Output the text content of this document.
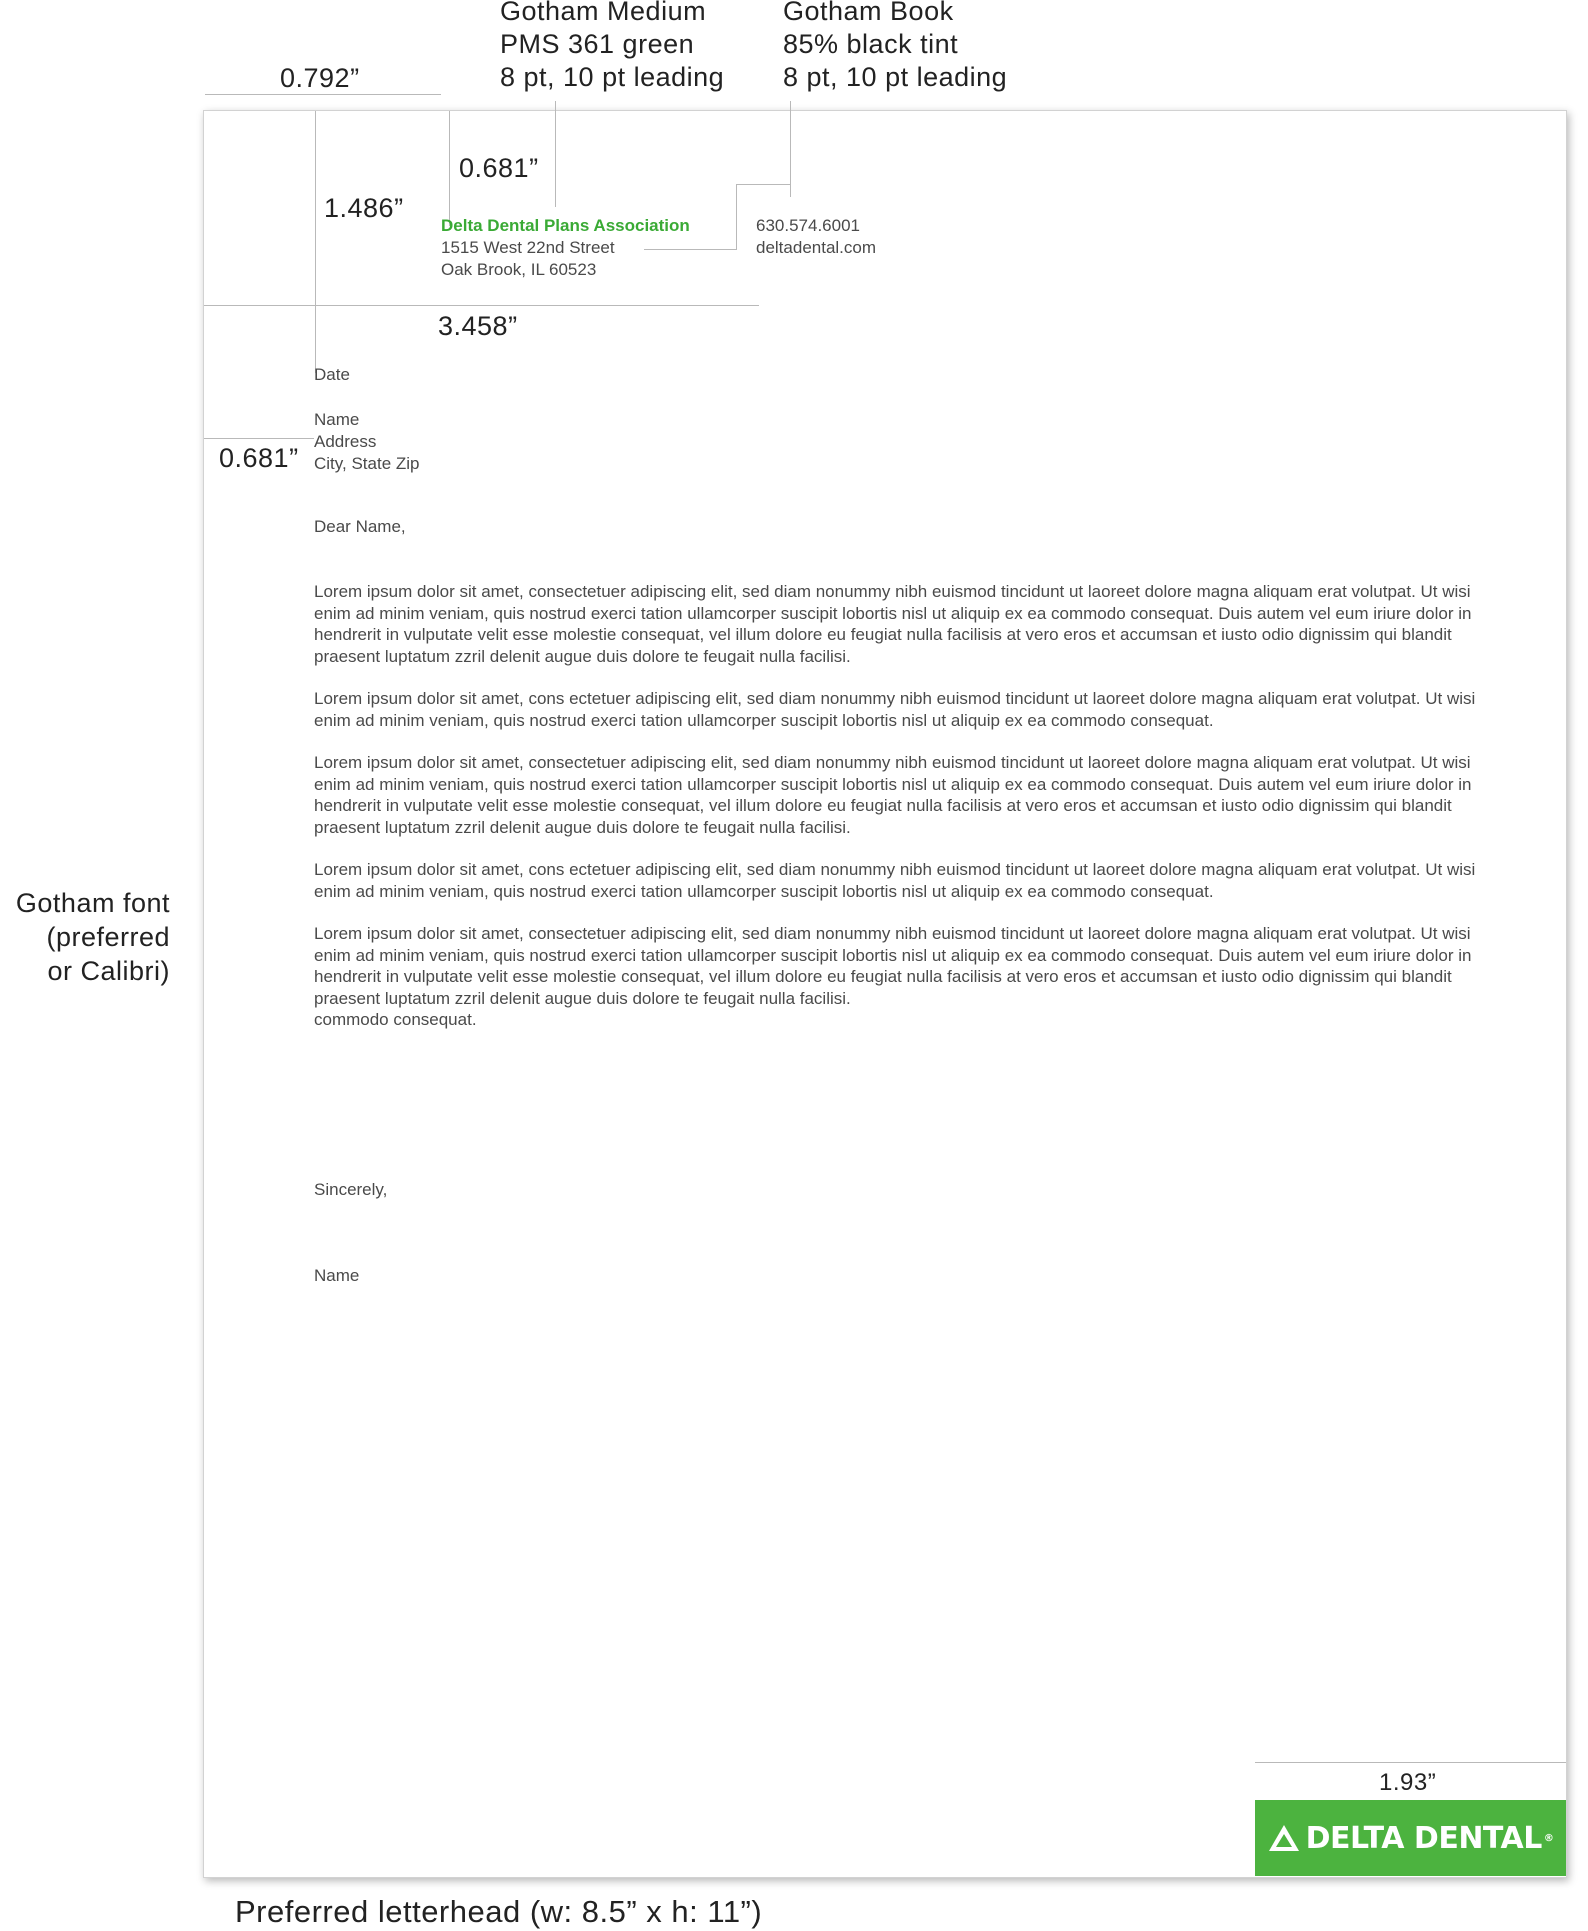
Gotham Medium
PMS 361 green
8 pt, 10 pt leading
Gotham Book
85% black tint
8 pt, 10 pt leading
0.792”
Gotham font
(preferred
or Calibri)
0.681”
1.486”
3.458”
0.681”
Delta Dental Plans Association
1515 West 22nd Street
Oak Brook, IL 60523
630.574.6001
deltadental.com
Date
Name
Address
City, State Zip
Dear Name,

Lorem ipsum dolor sit amet, consectetuer adipiscing elit, sed diam nonummy nibh euismod tincidunt ut laoreet dolore magna aliquam erat volutpat. Ut wisi enim ad minim veniam, quis nostrud exerci tation ullamcorper suscipit lobortis nisl ut aliquip ex ea commodo consequat. Duis autem vel eum iriure dolor in hendrerit in vulputate velit esse molestie consequat, vel illum dolore eu feugiat nulla facilisis at vero eros et accumsan et iusto odio dignissim qui blandit praesent luptatum zzril delenit augue duis dolore te feugait nulla facilisi.

Lorem ipsum dolor sit amet, cons ectetuer adipiscing elit, sed diam nonummy nibh euismod tincidunt ut laoreet dolore magna aliquam erat volutpat. Ut wisi enim ad minim veniam, quis nostrud exerci tation ullamcorper suscipit lobortis nisl ut aliquip ex ea commodo consequat.

Lorem ipsum dolor sit amet, consectetuer adipiscing elit, sed diam nonummy nibh euismod tincidunt ut laoreet dolore magna aliquam erat volutpat. Ut wisi enim ad minim veniam, quis nostrud exerci tation ullamcorper suscipit lobortis nisl ut aliquip ex ea commodo consequat. Duis autem vel eum iriure dolor in hendrerit in vulputate velit esse molestie consequat, vel illum dolore eu feugiat nulla facilisis at vero eros et accumsan et iusto odio dignissim qui blandit praesent luptatum zzril delenit augue duis dolore te feugait nulla facilisi.

Lorem ipsum dolor sit amet, cons ectetuer adipiscing elit, sed diam nonummy nibh euismod tincidunt ut laoreet dolore magna aliquam erat volutpat. Ut wisi enim ad minim veniam, quis nostrud exerci tation ullamcorper suscipit lobortis nisl ut aliquip ex ea commodo consequat.

Lorem ipsum dolor sit amet, consectetuer adipiscing elit, sed diam nonummy nibh euismod tincidunt ut laoreet dolore magna aliquam erat volutpat. Ut wisi enim ad minim veniam, quis nostrud exerci tation ullamcorper suscipit lobortis nisl ut aliquip ex ea commodo consequat. Duis autem vel eum iriure dolor in hendrerit in vulputate velit esse molestie consequat, vel illum dolore eu feugiat nulla facilisis at vero eros et accumsan et iusto odio dignissim qui blandit praesent luptatum zzril delenit augue duis dolore te feugait nulla facilisi.
commodo consequat.

Sincerely,
Name
1.93”
DELTA DENTAL ®
Preferred letterhead (w: 8.5” x h: 11”)
